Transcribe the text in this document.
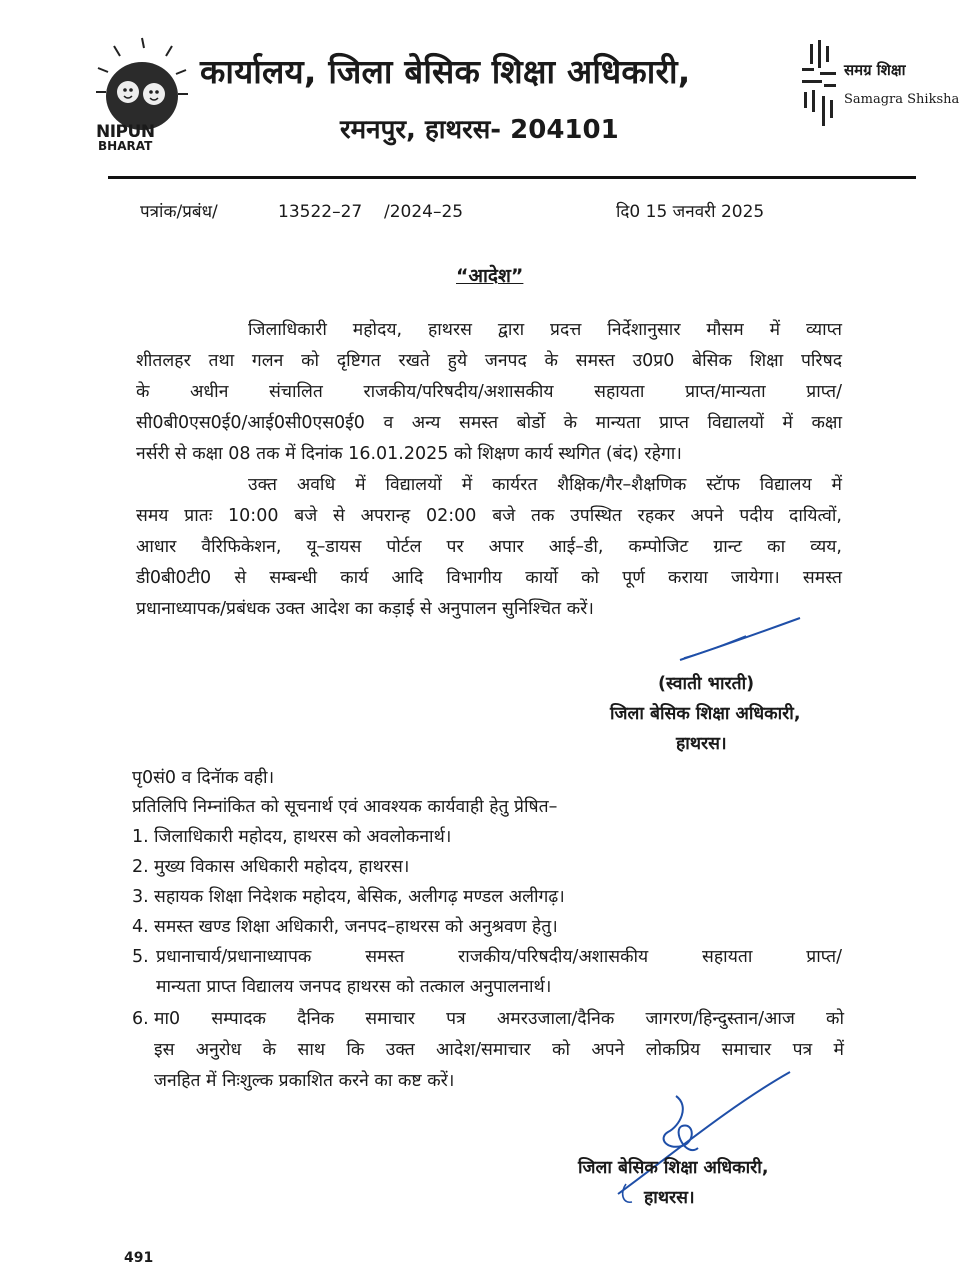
NIPUN
BHARAT
कार्यालय, जिला बेसिक शिक्षा अधिकारी,
रमनपुर, हाथरस- 204101
समग्र शिक्षा
Samagra Shiksha
पत्रांक/प्रबंध/	13522–27 /2024–25	दि0 15 जनवरी 2025
“आदेश”
जिलाधिकारी महोदय, हाथरस द्वारा प्रदत्त निर्देशानुसार मौसम में व्याप्त
शीतलहर तथा गलन को दृष्टिगत रखते हुये जनपद के समस्त उ0प्र0 बेसिक शिक्षा परिषद
के अधीन संचालित राजकीय/परिषदीय/अशासकीय सहायता प्राप्त/मान्यता प्राप्त/
सी0बी0एस0ई0/आई0सी0एस0ई0 व अन्य समस्त बोर्डो के मान्यता प्राप्त विद्यालयों में कक्षा
नर्सरी से कक्षा 08 तक में दिनांक 16.01.2025 को शिक्षण कार्य स्थगित (बंद) रहेगा।
उक्त अवधि में विद्यालयों में कार्यरत शैक्षिक/गैर–शैक्षणिक स्टॅाफ विद्यालय में
समय प्रातः 10:00 बजे से अपरान्ह 02:00 बजे तक उपस्थित रहकर अपने पदीय दायित्वों,
आधार वैरिफिकेशन, यू–डायस पोर्टल पर अपार आई–डी, कम्पोजिट ग्रान्ट का व्यय,
डी0बी0टी0 से सम्बन्धी कार्य आदि विभागीय कार्यो को पूर्ण कराया जायेगा। समस्त
प्रधानाध्यापक/प्रबंधक उक्त आदेश का कड़ाई से अनुपालन सुनिश्चित करें।
(स्वाती भारती)
जिला बेसिक शिक्षा अधिकारी,
हाथरस।
पृ0सं0 व दिनॅाक वही।
प्रतिलिपि निम्नांकित को सूचनार्थ एवं आवश्यक कार्यवाही हेतु प्रेषित–
1. जिलाधिकारी महोदय, हाथरस को अवलोकनार्थ।
2. मुख्य विकास अधिकारी महोदय, हाथरस।
3. सहायक शिक्षा निदेशक महोदय, बेसिक, अलीगढ़ मण्डल अलीगढ़।
4. समस्त खण्ड शिक्षा अधिकारी, जनपद–हाथरस को अनुश्रवण हेतु।
5. प्रधानाचार्य/प्रधानाध्यापक समस्त राजकीय/परिषदीय/अशासकीय सहायता प्राप्त/
मान्यता प्राप्त विद्यालय जनपद हाथरस को तत्काल अनुपालनार्थ।
6. मा0 सम्पादक दैनिक समाचार पत्र अमरउजाला/दैनिक जागरण/हिन्दुस्तान/आज को
इस अनुरोध के साथ कि उक्त आदेश/समाचार को अपने लोकप्रिय समाचार पत्र में
जनहित में निःशुल्क प्रकाशित करने का कष्ट करें।
जिला बेसिक शिक्षा अधिकारी,
हाथरस।
491
